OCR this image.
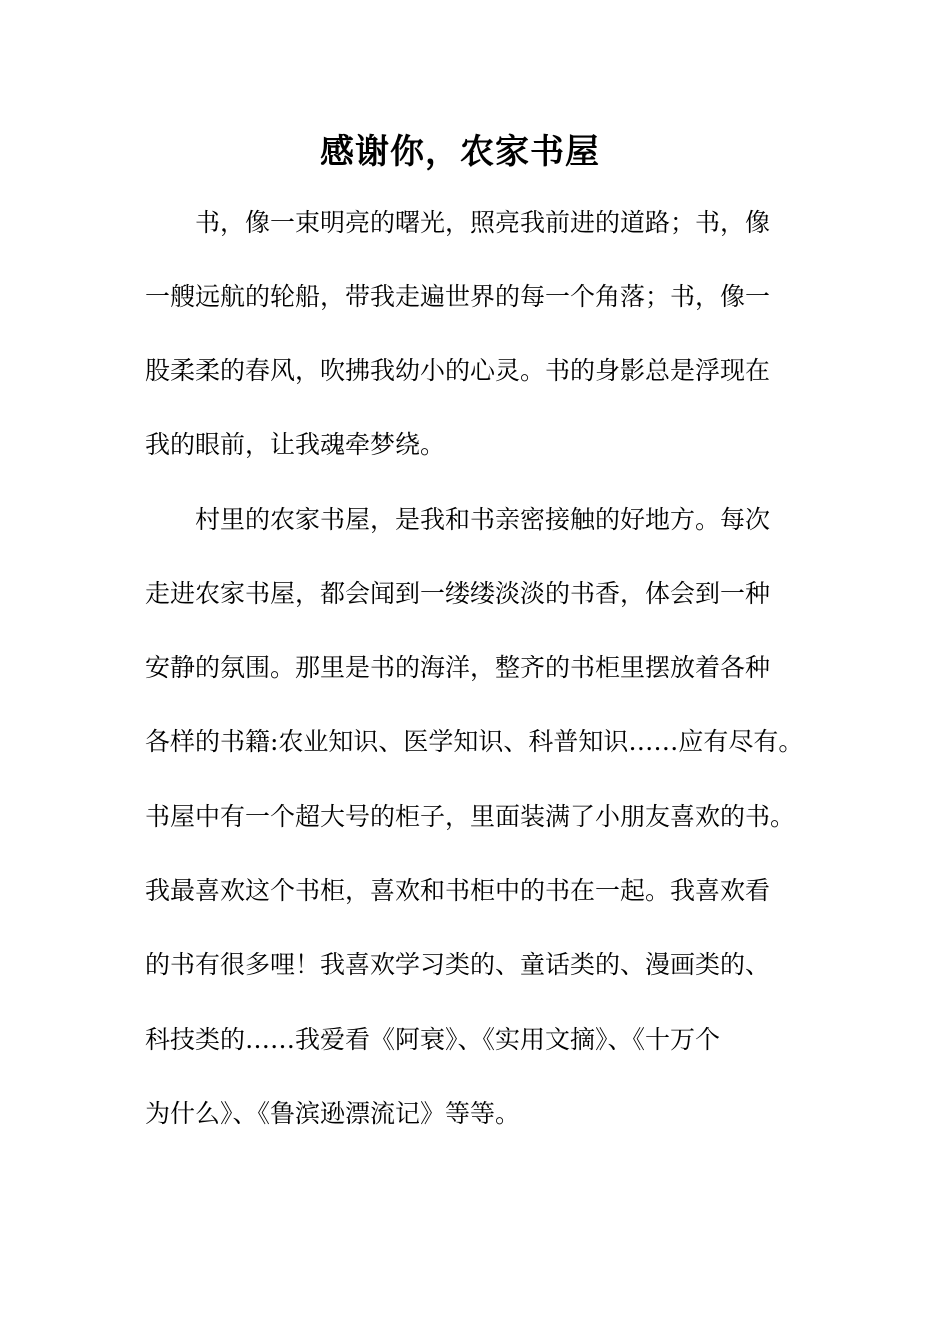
感谢你，农家书屋

书，像一束明亮的曙光，照亮我前进的道路；书，像

一艘远航的轮船，带我走遍世界的每一个角落；书，像一

股柔柔的春风，吹拂我幼小的心灵。书的身影总是浮现在

我的眼前，让我魂牵梦绕。

村里的农家书屋，是我和书亲密接触的好地方。每次

走进农家书屋，都会闻到一缕缕淡淡的书香，体会到一种

安静的氛围。那里是书的海洋，整齐的书柜里摆放着各种

各样的书籍:农业知识、医学知识、科普知识……应有尽有。

书屋中有一个超大号的柜子，里面装满了小朋友喜欢的书。

我最喜欢这个书柜，喜欢和书柜中的书在一起。我喜欢看

的书有很多哩！我喜欢学习类的、童话类的、漫画类的、

科技类的……我爱看《阿衰》、《实用文摘》、《十万个

为什么》、《鲁滨逊漂流记》等等。
